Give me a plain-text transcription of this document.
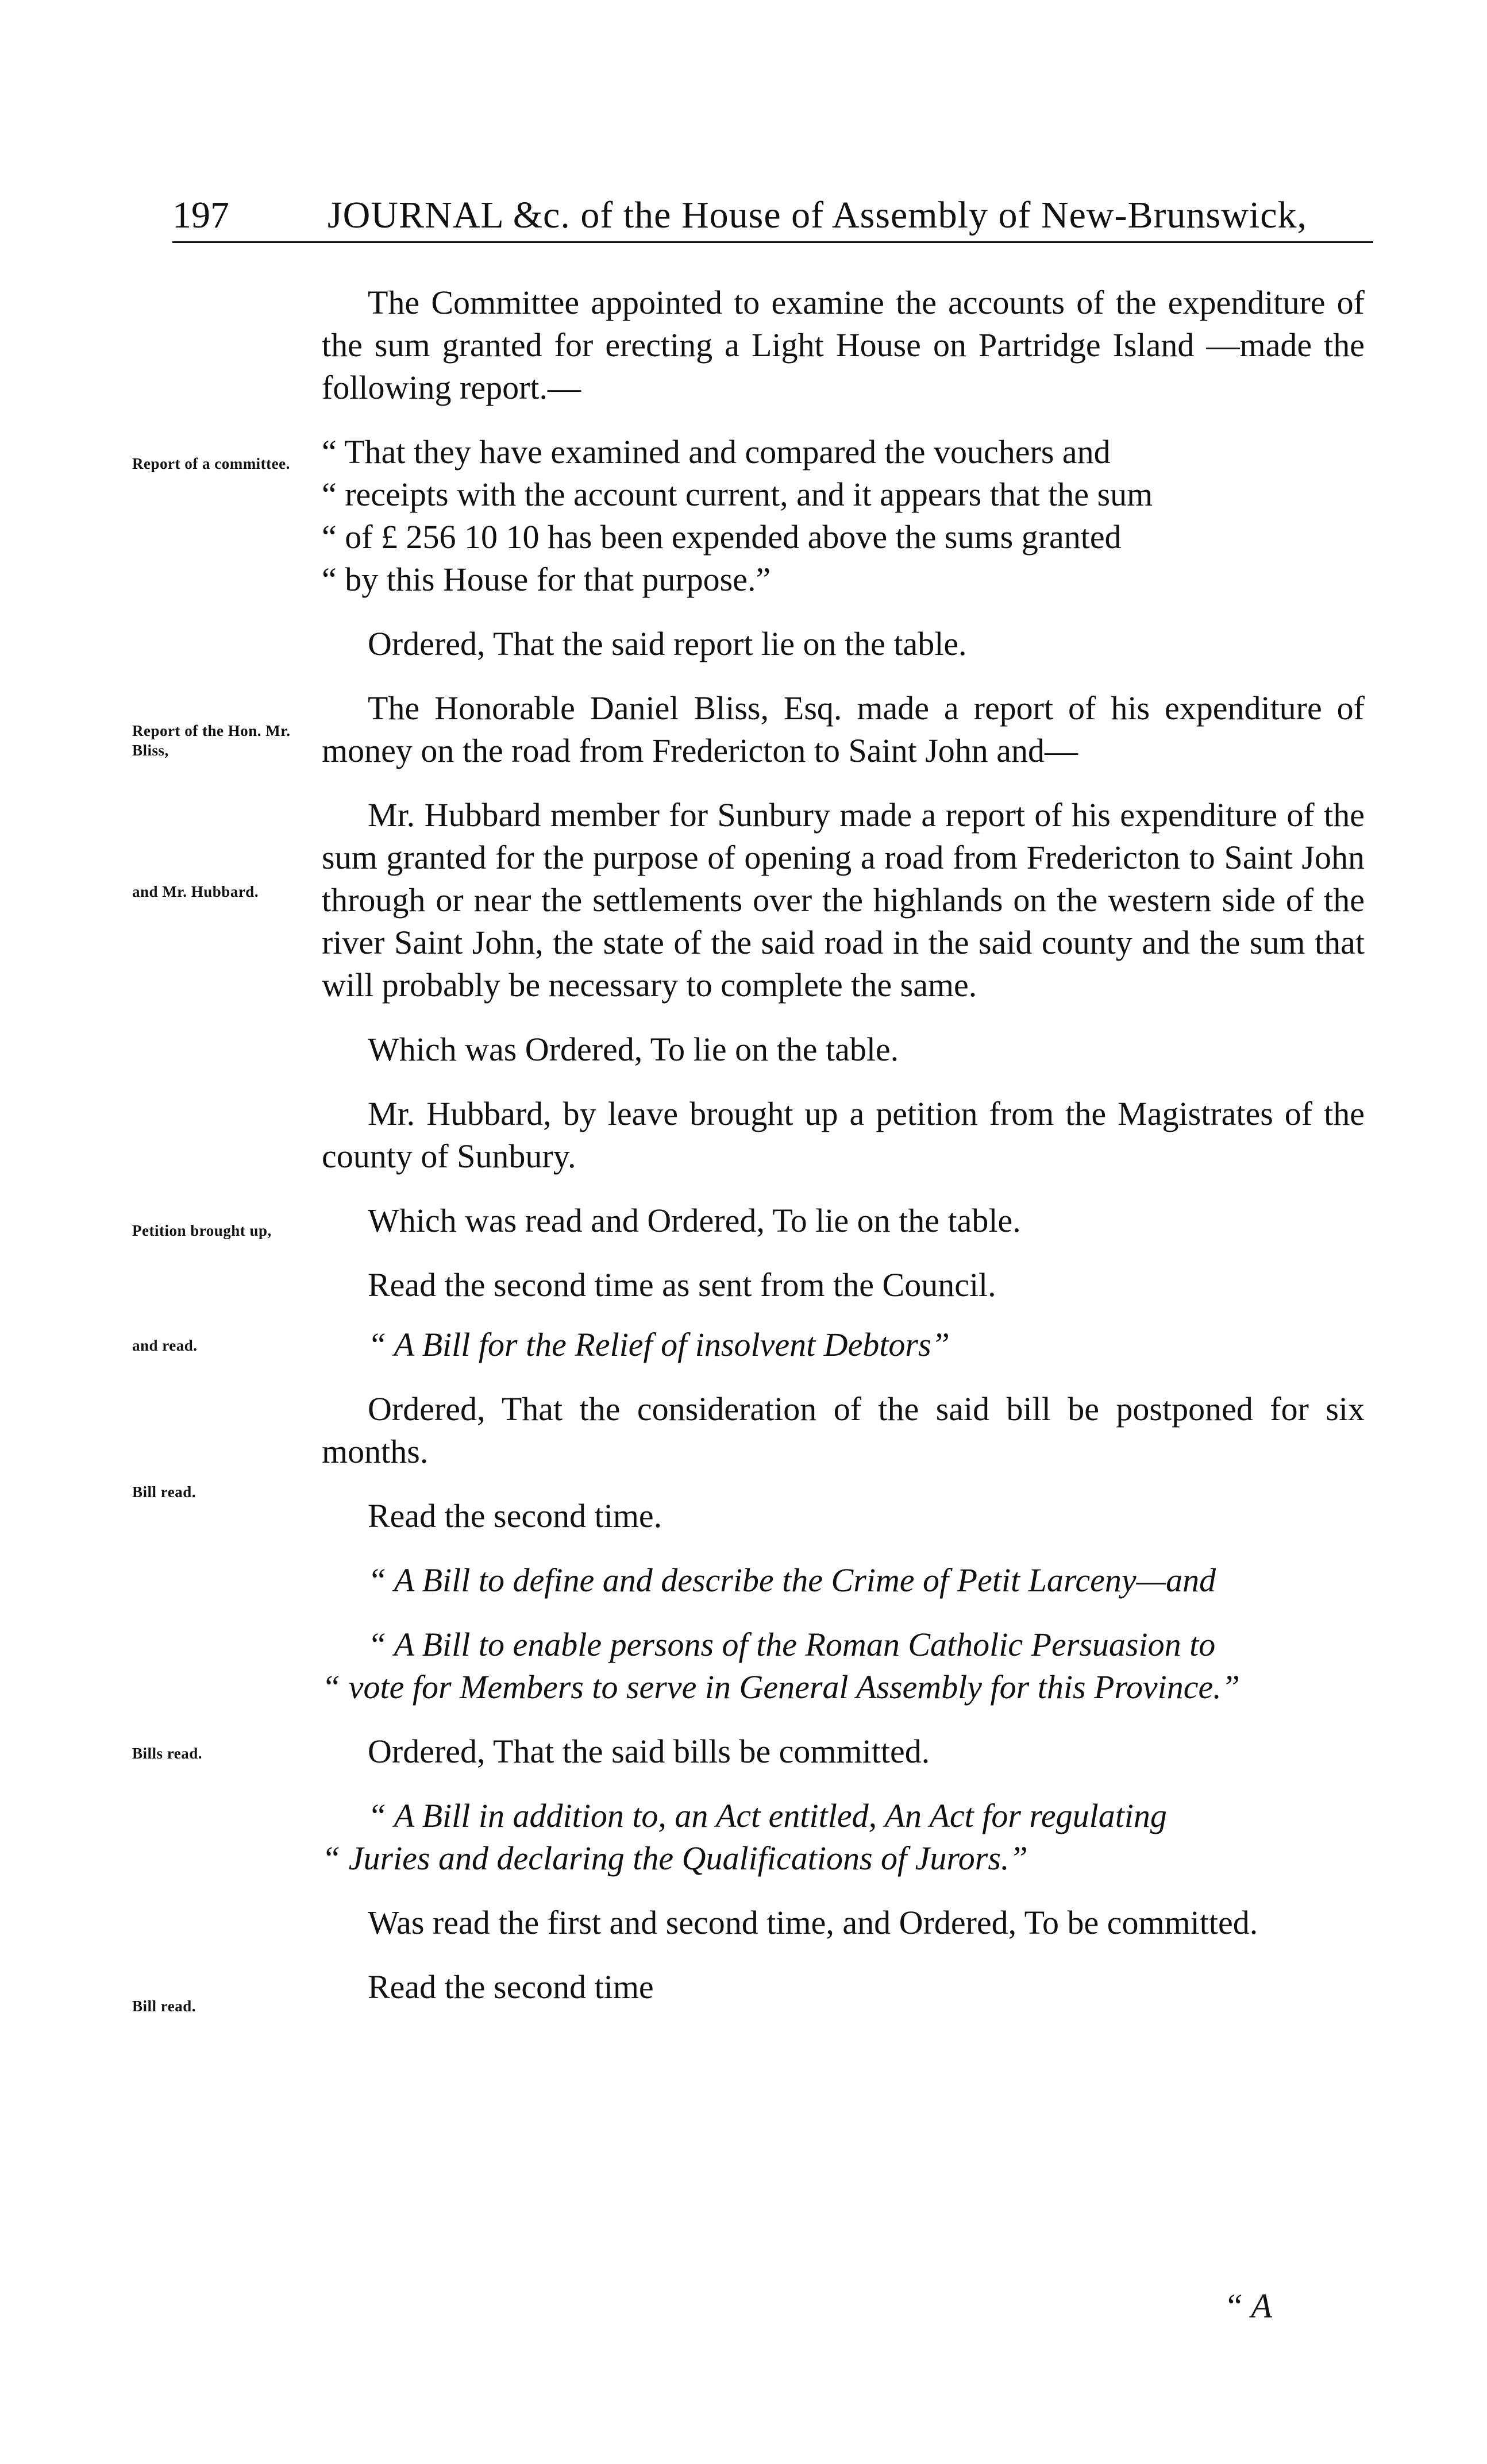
197	JOURNAL &c. of the House of Assembly of New-Brunswick,
Report of a committee.
Report of the Hon. Mr. Bliss,
and Mr. Hubbard.
Petition brought up,
and read.
Bill read.
Bills read.
Bill read.

The Committee appointed to examine the accounts of the expenditure of the sum granted for erecting a Light House on Partridge Island —made the following report.—

“ That they have examined and compared the vouchers and
“ receipts with the account current, and it appears that the sum
“ of £ 256 10 10 has been expended above the sums granted
“ by this House for that purpose.”

Ordered, That the said report lie on the table.

The Honorable Daniel Bliss, Esq. made a report of his expenditure of money on the road from Fredericton to Saint John and—

Mr. Hubbard member for Sunbury made a report of his expenditure of the sum granted for the purpose of opening a road from Fredericton to Saint John through or near the settlements over the highlands on the western side of the river Saint John, the state of the said road in the said county and the sum that will probably be necessary to complete the same.

Which was Ordered, To lie on the table.

Mr. Hubbard, by leave brought up a petition from the Magistrates of the county of Sunbury.

Which was read and Ordered, To lie on the table.

Read the second time as sent from the Council.

“ A Bill for the Relief of insolvent Debtors”

Ordered, That the consideration of the said bill be postponed for six months.

Read the second time.

“ A Bill to define and describe the Crime of Petit Larceny—and

“ A Bill to enable persons of the Roman Catholic Persuasion to
“ vote for Members to serve in General Assembly for this Province.”

Ordered, That the said bills be committed.

“ A Bill in addition to, an Act entitled, An Act for regulating
“ Juries and declaring the Qualifications of Jurors.”

Was read the first and second time, and Ordered, To be committed.

Read the second time

“ A
